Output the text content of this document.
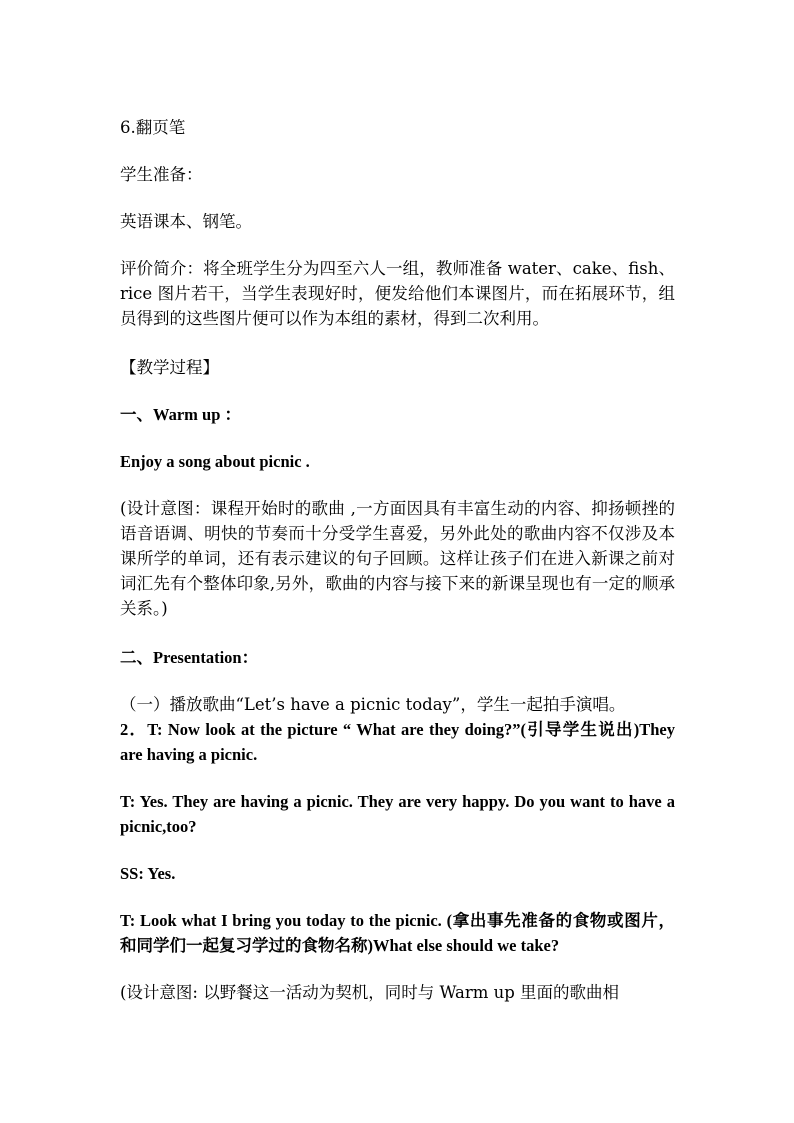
6.翻页笔

学生准备：

英语课本、钢笔。

评价简介：将全班学生分为四至六人一组，教师准备 water、cake、fish、rice 图片若干，当学生表现好时，便发给他们本课图片，而在拓展环节，组员得到的这些图片便可以作为本组的素材，得到二次利用。

【教学过程】

一、Warm up ：

Enjoy a song about picnic .

(设计意图：课程开始时的歌曲 ,一方面因具有丰富生动的内容、抑扬顿挫的语音语调、明快的节奏而十分受学生喜爱，另外此处的歌曲内容不仅涉及本课所学的单词，还有表示建议的句子回顾。这样让孩子们在进入新课之前对词汇先有个整体印象,另外，歌曲的内容与接下来的新课呈现也有一定的顺承关系。)

二、Presentation：

（一）播放歌曲“Let’s have a picnic today”，学生一起拍手演唱。

2．T: Now look at the picture “ What are they doing?”(引导学生说出)They are having a picnic.

T: Yes. They are having a picnic. They are very happy. Do you want to have a picnic,too?

SS: Yes.

T: Look what I bring you today to the picnic. (拿出事先准备的食物或图片，和同学们一起复习学过的食物名称)What else should we take?

(设计意图: 以野餐这一活动为契机，同时与 Warm up 里面的歌曲相
